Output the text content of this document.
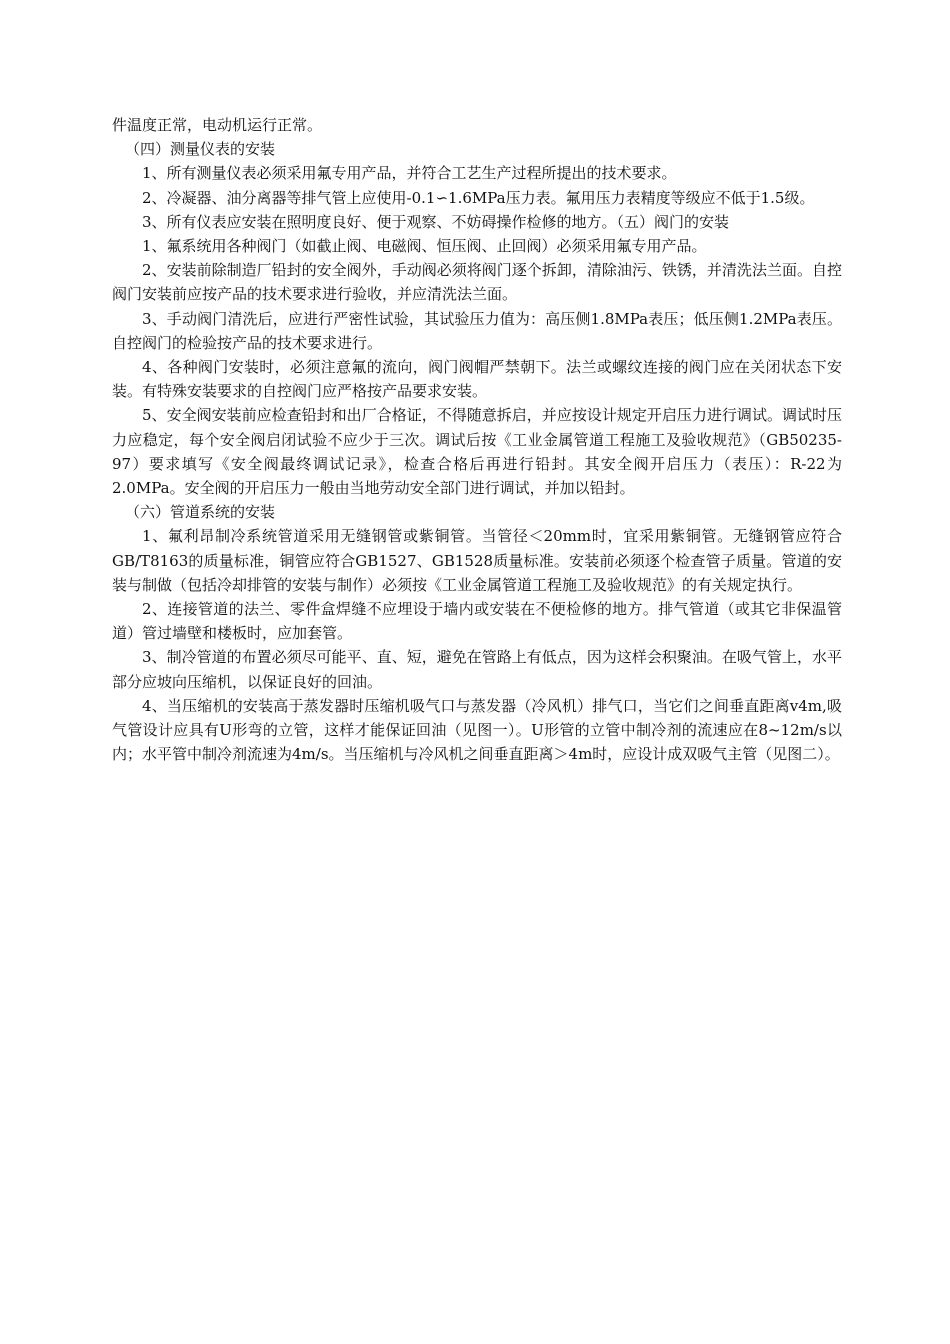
件温度正常，电动机运行正常。

（四）测量仪表的安装

1、所有测量仪表必须采用氟专用产品，并符合工艺生产过程所提出的技术要求。

2、冷凝器、油分离器等排气管上应使用-0.1∽1.6MPa压力表。氟用压力表精度等级应不低于1.5级。

3、所有仪表应安装在照明度良好、便于观察、不妨碍操作检修的地方。（五）阀门的安装

1、氟系统用各种阀门（如截止阀、电磁阀、恒压阀、止回阀）必须采用氟专用产品。

2、安装前除制造厂铅封的安全阀外，手动阀必须将阀门逐个拆卸，清除油污、铁锈，并清洗法兰面。自控阀门安装前应按产品的技术要求进行验收，并应清洗法兰面。

3、手动阀门清洗后，应进行严密性试验，其试验压力值为：高压侧1.8MPa表压；低压侧1.2MPa表压。自控阀门的检验按产品的技术要求进行。

4、各种阀门安装时，必须注意氟的流向，阀门阀帽严禁朝下。法兰或螺纹连接的阀门应在关闭状态下安装。有特殊安装要求的自控阀门应严格按产品要求安装。

5、安全阀安装前应检查铅封和出厂合格证，不得随意拆启，并应按设计规定开启压力进行调试。调试时压力应稳定，每个安全阀启闭试验不应少于三次。调试后按《工业金属管道工程施工及验收规范》（GB50235-97）要求填写《安全阀最终调试记录》，检查合格后再进行铅封。其安全阀开启压力（表压）：R-22为2.0MPa。安全阀的开启压力一般由当地劳动安全部门进行调试，并加以铅封。

（六）管道系统的安装

1、氟利昂制冷系统管道采用无缝钢管或紫铜管。当管径＜20mm时，宜采用紫铜管。无缝钢管应符合GB/T8163的质量标准，铜管应符合GB1527、GB1528质量标准。安装前必须逐个检查管子质量。管道的安装与制做（包括冷却排管的安装与制作）必须按《工业金属管道工程施工及验收规范》的有关规定执行。

2、连接管道的法兰、零件盒焊缝不应埋设于墙内或安装在不便检修的地方。排气管道（或其它非保温管道）管过墙壁和楼板时，应加套管。

3、制冷管道的布置必须尽可能平、直、短，避免在管路上有低点，因为这样会积聚油。在吸气管上，水平部分应坡向压缩机，以保证良好的回油。

4、当压缩机的安装高于蒸发器时压缩机吸气口与蒸发器（冷风机）排气口，当它们之间垂直距离v4m,吸气管设计应具有U形弯的立管，这样才能保证回油（见图一）。U形管的立管中制冷剂的流速应在8~12m/s以内；水平管中制冷剂流速为4m/s。当压缩机与冷风机之间垂直距离＞4m时，应设计成双吸气主管（见图二）。
